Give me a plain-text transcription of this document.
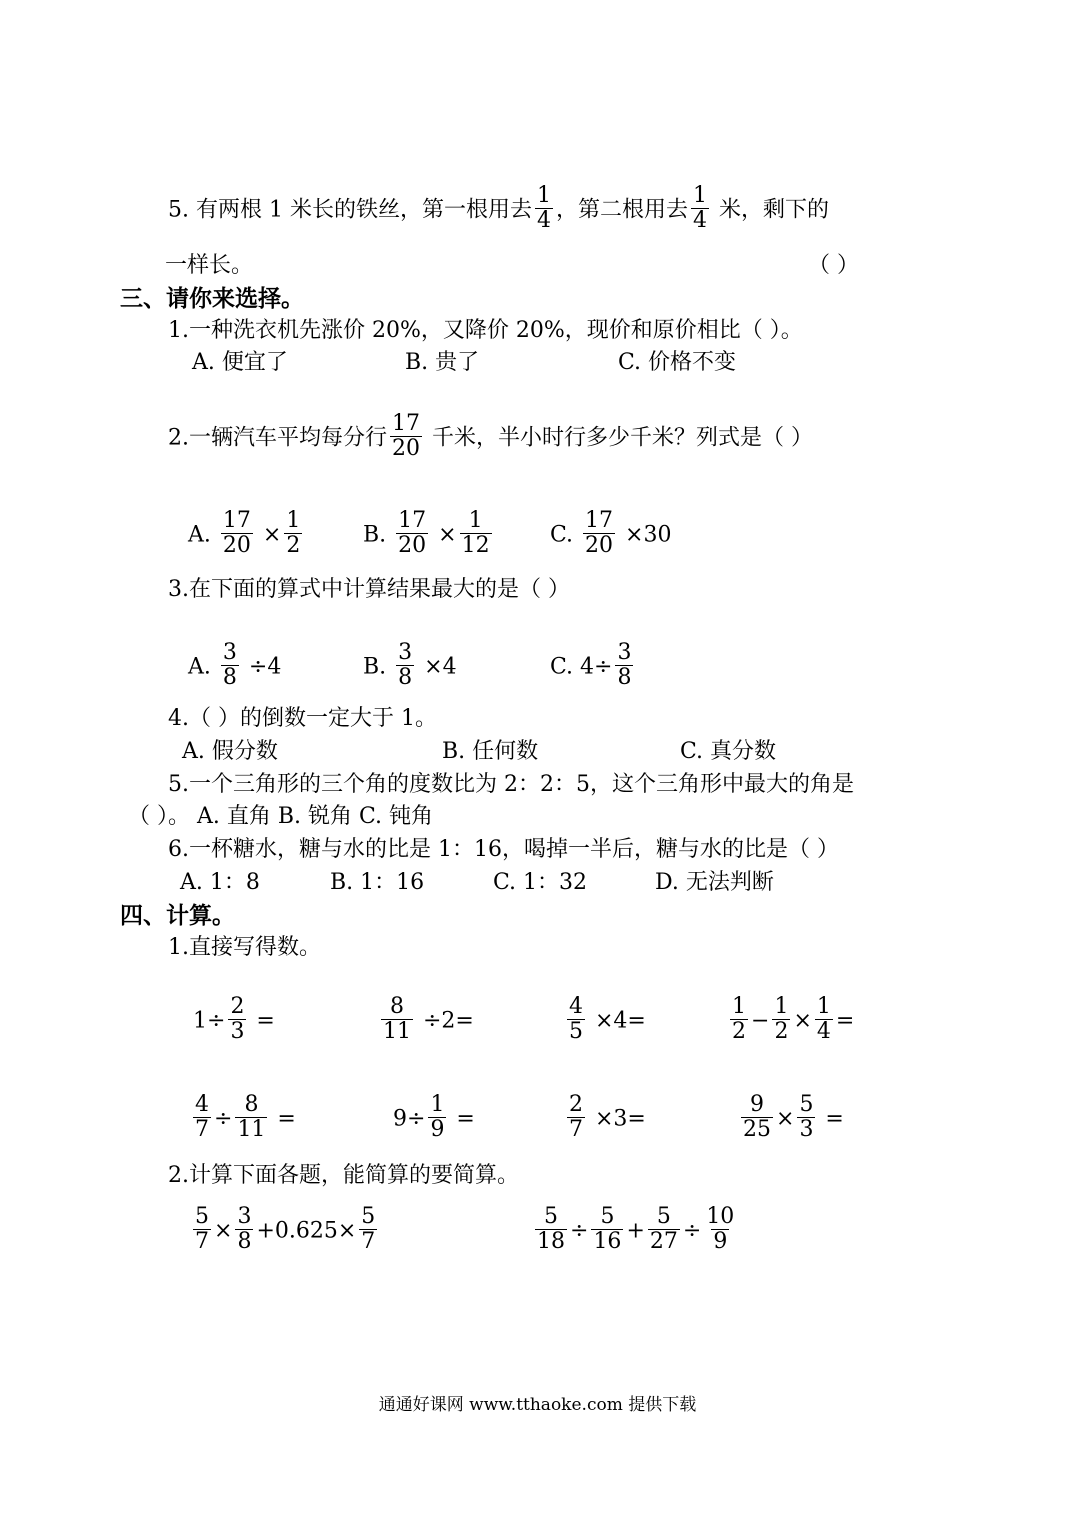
5. 有两根 1 米长的铁丝，第一根用去 $\frac{1}{4}$ ，第二根用去 $\frac{1}{4}$ 米，剩下的
一样长。	（ ）
三、请你来选择。
1.一种洗衣机先涨价 20%，又降价 20%，现价和原价相比（ ）。
A. 便宜了	B. 贵了	C. 价格不变
2.一辆汽车平均每分行 $\frac{17}{20}$ 千米，半小时行多少千米？列式是（ ）
A. $\frac{17}{20} \times \frac{1}{2}$	B. $\frac{17}{20} \times \frac{1}{12}$	C. $\frac{17}{20} \times 30$
3.在下面的算式中计算结果最大的是（ ）
A. $\frac{3}{8} \div 4$	B. $\frac{3}{8} \times 4$	C. $4\div \frac{3}{8}$
4.（ ）的倒数一定大于 1。
A. 假分数	B. 任何数	C. 真分数
5.一个三角形的三个角的度数比为 2：2：5，这个三角形中最大的角是
（ ）。 A. 直角 B. 锐角 C. 钝角
6.一杯糖水，糖与水的比是 1：16，喝掉一半后，糖与水的比是（ ）
A. 1：8	B. 1：16	C. 1：32	D. 无法判断
四、计算。
1.直接写得数。
$1\div \frac{2}{3}$ =	$\frac{8}{11} \div 2=$	$\frac{4}{5} \times 4=$	$\frac{1}{2} - \frac{1}{2} \times \frac{1}{4}$ =
$\frac{4}{7} \div \frac{8}{11}$ =	$9\div \frac{1}{9}$ =	$\frac{2}{7} \times 3=$	$\frac{9}{25} \times \frac{5}{3}$ =
2.计算下面各题，能简算的要简算。
$\frac{5}{7} \times \frac{3}{8} +0.625\times \frac{5}{7}$	$\frac{5}{18} \div \frac{5}{16} + \frac{5}{27} \div \frac{10}{9}$
通通好课网 www.tthaoke.com 提供下载
